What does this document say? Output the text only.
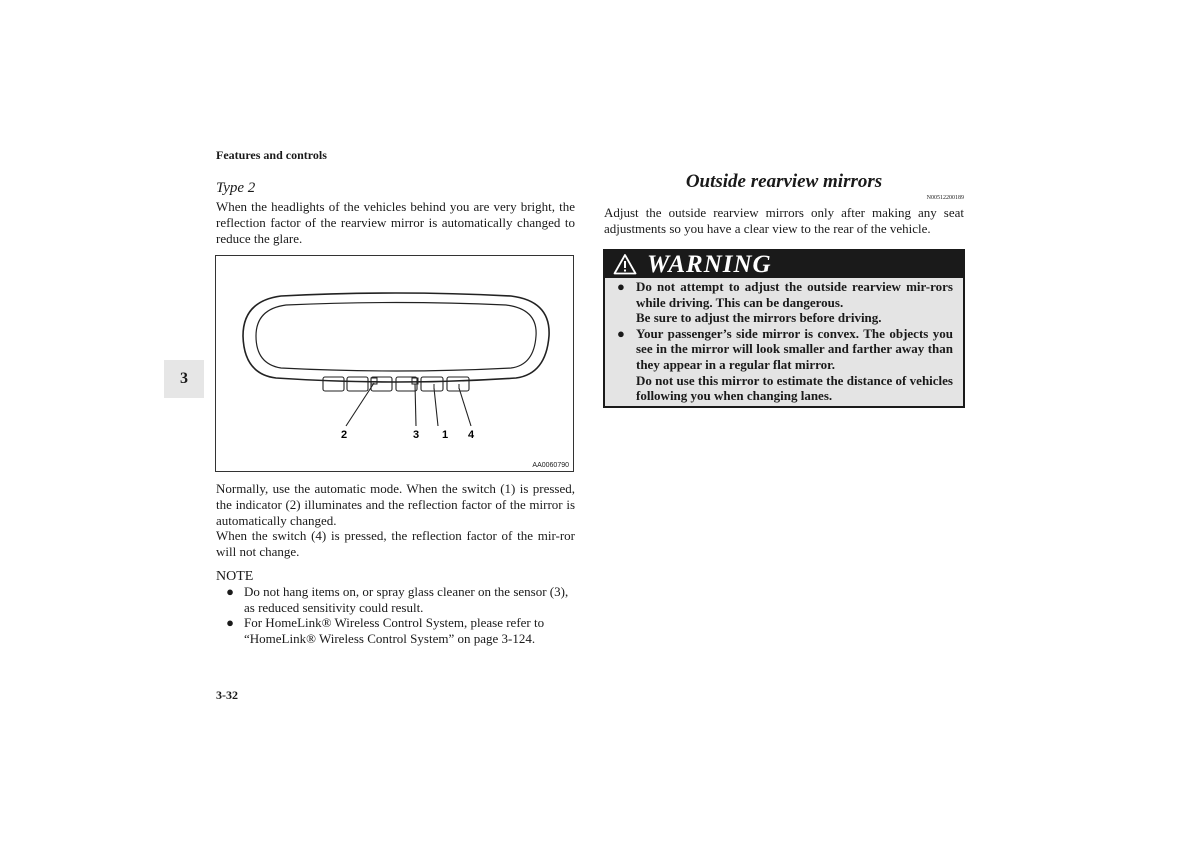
Features and controls
3
Type 2

When the headlights of the vehicles behind you are very bright, the reflection factor of the rearview mirror is automatically changed to reduce the glare.

2	3 1 4
AA0060790

Normally, use the automatic mode. When the switch (1) is pressed, the indicator (2) illuminates and the reflection factor of the mirror is automatically changed.

When the switch (4) is pressed, the reflection factor of the mir-ror will not change.

NOTE
● Do not hang items on, or spray glass cleaner on the sensor (3), as reduced sensitivity could result.
● For HomeLink® Wireless Control System, please refer to “HomeLink® Wireless Control System” on page 3-124.
3-32
Outside rearview mirrors
N00512200189

Adjust the outside rearview mirrors only after making any seat adjustments so you have a clear view to the rear of the vehicle.

WARNING
● Do not attempt to adjust the outside rearview mir-rors while driving. This can be dangerous.
Be sure to adjust the mirrors before driving.
● Your passenger’s side mirror is convex. The objects you see in the mirror will look smaller and farther away than they appear in a regular flat mirror.
Do not use this mirror to estimate the distance of vehicles following you when changing lanes.
